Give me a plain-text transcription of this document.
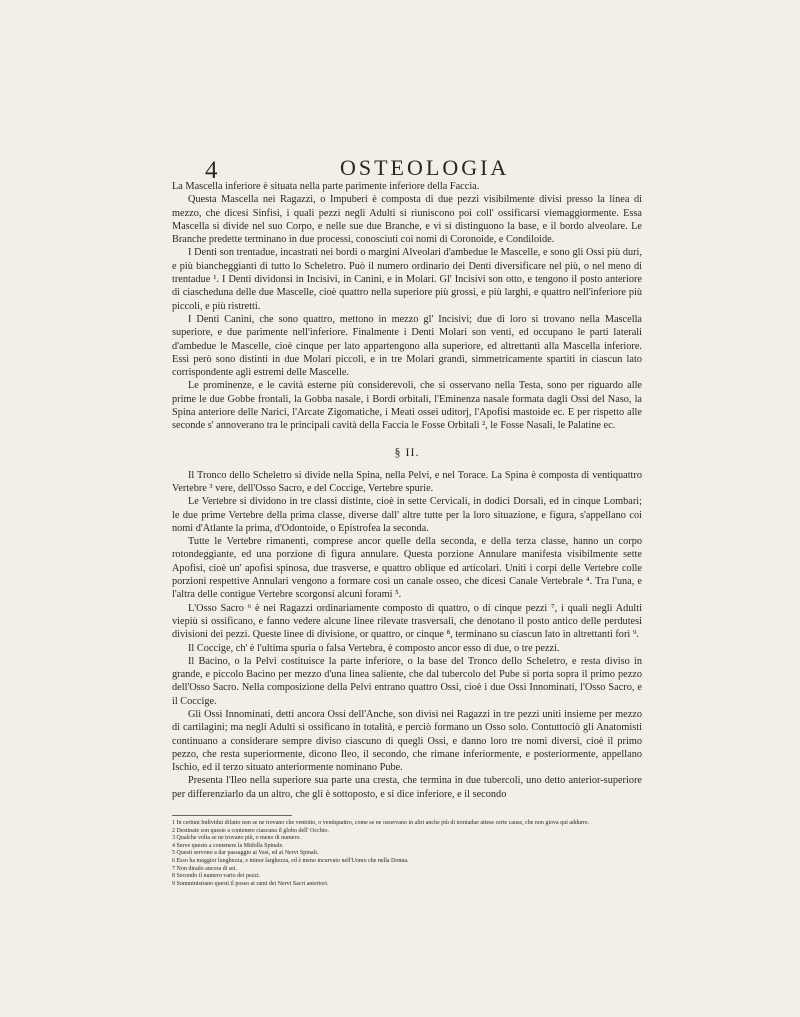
4	OSTEOLOGIA

La Mascella inferiore è situata nella parte parimente inferiore della Faccia.

Questa Mascella nei Ragazzi, o Impuberi è composta di due pezzi visibilmente divisi presso la linea di mezzo, che dicesi Sinfisi, i quali pezzi negli Adulti si riuniscono poi coll' ossificarsi viemaggiormente. Essa Mascella si divide nel suo Corpo, e nelle sue due Branche, e vi si distinguono la base, e il bordo alveolare. Le Branche predette terminano in due processi, conosciuti coi nomi di Coronoide, e Condiloide.

I Denti son trentadue, incastrati nei bordi o margini Alveolari d'ambedue le Mascelle, e sono gli Ossi più duri, e più biancheggianti di tutto lo Scheletro. Può il numero ordinario dei Denti diversificare nel più, o nel meno di trentadue ¹. I Denti dividonsi in Incisivi, in Canini, e in Molari. Gl' Incisivi son otto, e tengono il posto anteriore di ciascheduna delle due Mascelle, cioè quattro nella superiore più grossi, e più larghi, e quattro nell'inferiore più piccoli, e più ristretti.

I Denti Canini, che sono quattro, mettono in mezzo gl' Incisivi; due di loro si trovano nella Mascella superiore, e due parimente nell'inferiore. Finalmente i Denti Molari son venti, ed occupano le parti laterali d'ambedue le Mascelle, cioè cinque per lato appartengono alla superiore, ed altrettanti alla Mascella inferiore. Essi però sono distinti in due Molari piccoli, e in tre Molari grandi, simmetricamente spartiti in ciascun lato corrispondente agli estremi delle Mascelle.

Le prominenze, e le cavità esterne più considerevoli, che si osservano nella Testa, sono per riguardo alle prime le due Gobbe frontali, la Gobba nasale, i Bordi orbitali, l'Eminenza nasale formata dagli Ossi del Naso, la Spina anteriore delle Narici, l'Arcate Zigomatiche, i Meati ossei uditorj, l'Apofisi mastoide ec. E per rispetto alle seconde s' annoverano tra le principali cavità della Faccia le Fosse Orbitali ², le Fosse Nasali, le Palatine ec.

§ II.

Il Tronco dello Scheletro si divide nella Spina, nella Pelvi, e nel Torace. La Spina è composta di ventiquattro Vertebre ³ vere, dell'Osso Sacro, e del Coccige, Vertebre spurie.

Le Vertebre si dividono in tre classi distinte, cioè in sette Cervicali, in dodici Dorsali, ed in cinque Lombari; le due prime Vertebre della prima classe, diverse dall' altre tutte per la loro situazione, e figura, s'appellano coi nomi d'Atlante la prima, d'Odontoide, o Epistrofea la seconda.

Tutte le Vertebre rimanenti, comprese ancor quelle della seconda, e della terza classe, hanno un corpo rotondeggiante, ed una porzione di figura annulare. Questa porzione Annulare manifesta visibilmente sette Apofisi, cioè un' apofisi spinosa, due trasverse, e quattro oblique ed articolari. Uniti i corpi delle Vertebre colle porzioni respettive Annulari vengono a formare così un canale osseo, che dicesi Canale Vertebrale ⁴. Tra l'una, e l'altra delle contigue Vertebre scorgonsi alcuni forami ⁵.

L'Osso Sacro ⁶ è nei Ragazzi ordinariamente composto di quattro, o di cinque pezzi ⁷, i quali negli Adulti viepiù si ossificano, e fanno vedere alcune linee rilevate trasversali, che denotano il posto antico delle perdutesi divisioni dei pezzi. Queste linee di divisione, or quattro, or cinque ⁸, terminano su ciascun lato in altrettanti fori ⁹.

Il Coccige, ch' è l'ultima spuria o falsa Vertebra, è composto ancor esso di due, o tre pezzi.

Il Bacino, o la Pelvi costituisce la parte inferiore, o la base del Tronco dello Scheletro, e resta diviso in grande, e piccolo Bacino per mezzo d'una linea saliente, che dal tubercolo del Pube si porta sopra il primo pezzo dell'Osso Sacro. Nella composizione della Pelvi entrano quattro Ossi, cioè i due Ossi Innominati, l'Osso Sacro, e il Coccige.

Gli Ossi Innominati, detti ancora Ossi dell'Anche, son divisi nei Ragazzi in tre pezzi uniti insieme per mezzo di cartilagini; ma negli Adulti si ossificano in totalità, e perciò formano un Osso solo. Contuttociò gli Anatomisti continuano a considerare sempre diviso ciascuno di quegli Ossi, e danno loro tre nomi diversi, cioè il primo pezzo, che resta superiormente, dicono Ileo, il secondo, che rimane inferiormente, e posteriormente, appellano Ischio, ed il terzo situato anteriormente nominano Pube.

Presenta l'Ileo nella superiore sua parte una cresta, che termina in due tubercoli, uno detto anterior-superiore per differenziarlo da un altro, che gli è sottoposto, e si dice inferiore, e il secondo

1 In certuni Individui difatto non se ne trovano che ventotto, o ventiquattro, come se ne osservano in altri anche più di trentadue attese certe cause, che non giova qui addurre.
2 Destinate son queste a contenere ciascuna il globo dell' Occhio.
3 Qualche volta se ne trovano più, o meno di numero.
4 Serve questo a contenere la Midolla Spinale.
5 Questi servono a dar passaggio ai Vasi, ed ai Nervi Spinali.
6 Esso ha maggior lunghezza, e minor larghezza, ed è meno incurvato nell'Uomo che nella Donna.
7 Non dirado ancora di sei.
8 Secondo il numero vario dei pezzi.
9 Somministrano questi il posso ai rami dei Nervi Sacri anteriori.
